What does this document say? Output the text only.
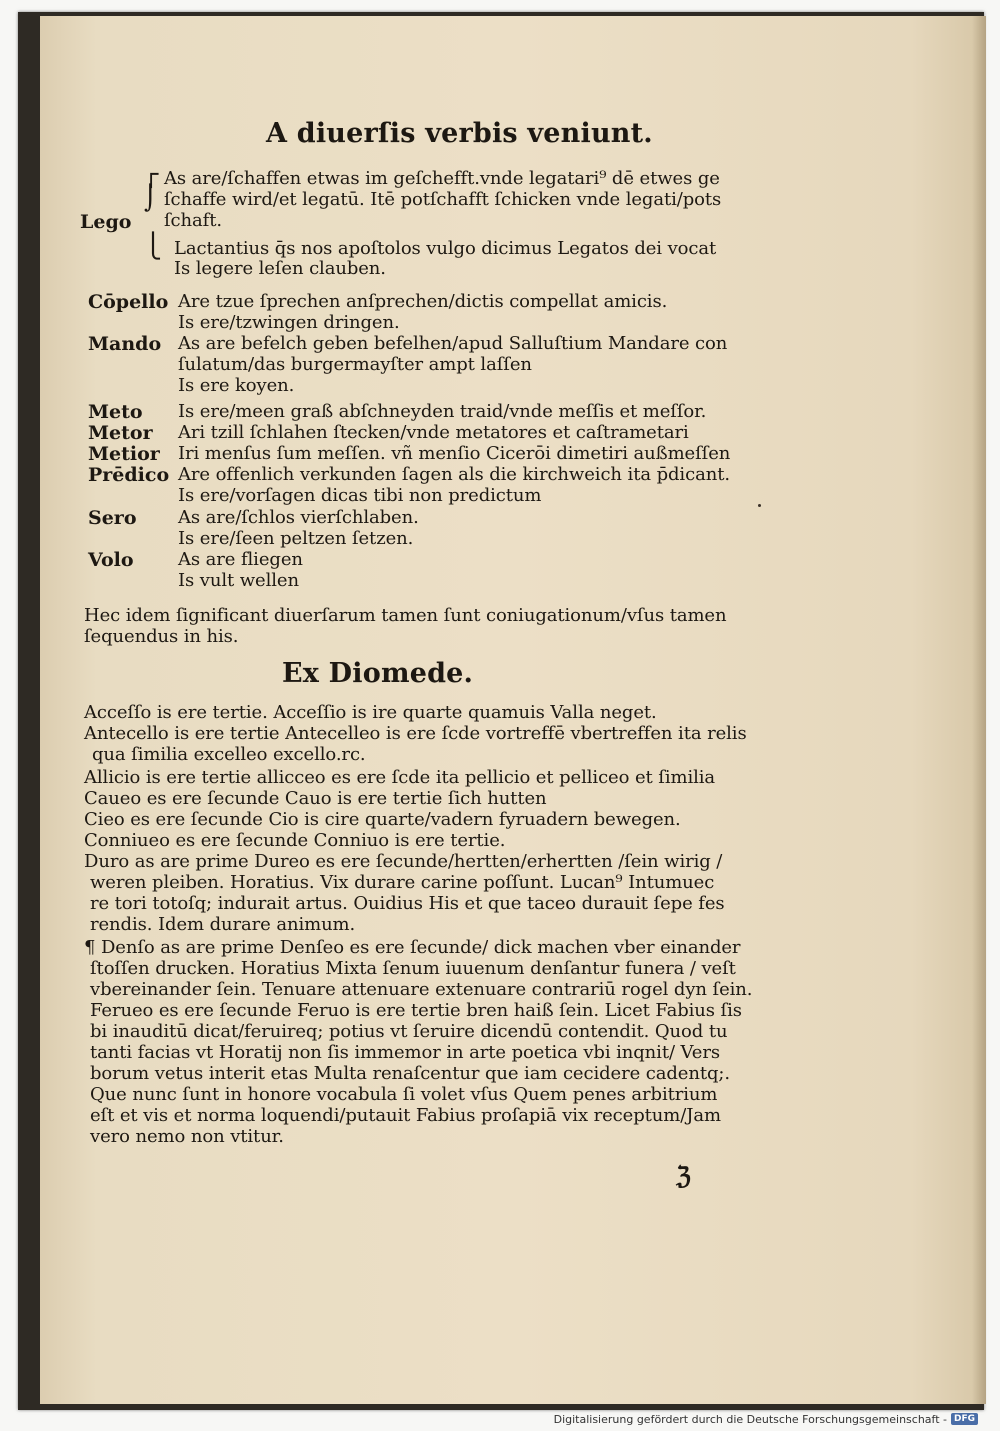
A diuerſis verbis veniunt.
┌
⌡
⎩
Lego
As are/ſchaffen etwas im geſchefft.vnde legatari⁹ dē etwes ge
ſchaffe wird/et legatū. Itē potſchafft ſchicken vnde legati/pots
ſchaft.
Lactantius q̄s nos apoſtolos vulgo dicimus Legatos dei vocat
Is legere leſen clauben.
Cōpello Are tzue ſprechen anſprechen/dictis compellat amicis.
Is ere/tzwingen dringen.
Mando As are befelch geben befelhen/apud Salluſtium Mandare con
ſulatum/das burgermayſter ampt laſſen
Is ere koyen.
Meto Is ere/meen graß abſchneyden traid/vnde meſſis et meſſor.
Metor Ari tzill ſchlahen ſtecken/vnde metatores et caſtrametari
Metior Iri menſus ſum meſſen. vñ menſio Cicerōi dimetiri außmeſſen
Prēdico Are offenlich verkunden ſagen als die kirchweich ita p̄dicant.
Is ere/vorſagen dicas tibi non predictum
Sero As are/ſchlos vierſchlaben.
Is ere/ſeen peltzen ſetzen.
Volo As are fliegen
Is vult wellen
Hec idem ſignificant diuerſarum tamen ſunt coniugationum/vſus tamen
ſequendus in his.
Ex Diomede.
Acceſſo is ere tertie. Acceſſio is ire quarte quamuis Valla neget.
Antecello is ere tertie Antecelleo is ere ſcde vortreffē vbertreffen ita relis
qua ſimilia excelleo excello.rc.
Allicio is ere tertie allicceo es ere ſcde ita pellicio et pelliceo et ſimilia
Caueo es ere ſecunde Cauo is ere tertie ſich hutten
Cieo es ere ſecunde Cio is cire quarte/vadern fyruadern bewegen.
Conniueo es ere ſecunde Conniuo is ere tertie.
Duro as are prime Dureo es ere ſecunde/hertten/erhertten /ſein wirig /
weren pleiben. Horatius. Vix durare carine poſſunt. Lucan⁹ Intumuec
re tori totoſq; indurait artus. Ouidius His et que taceo durauit ſepe fes
rendis. Idem durare animum.
¶ Denſo as are prime Denſeo es ere ſecunde/ dick machen vber einander
ſtoſſen drucken. Horatius Mixta ſenum iuuenum denſantur funera / veſt
vbereinander ſein. Tenuare attenuare extenuare contrariū rogel dyn ſein.
Ferueo es ere ſecunde Feruo is ere tertie bren haiß ſein. Licet Fabius ſis
bi inauditū dicat/feruireq; potius vt ſeruire dicendū contendit. Quod tu
tanti facias vt Horatij non ſis immemor in arte poetica vbi inqnit/ Vers
borum vetus interit etas Multa renaſcentur que iam cecidere cadentq;.
Que nunc ſunt in honore vocabula ſi volet vſus Quem penes arbitrium
eſt et vis et norma loquendi/putauit Fabius proſapiā vix receptum/Jam
vero nemo non vtitur.
ℨ
Digitalisierung gefördert durch die Deutsche Forschungsgemeinschaft - DFG
